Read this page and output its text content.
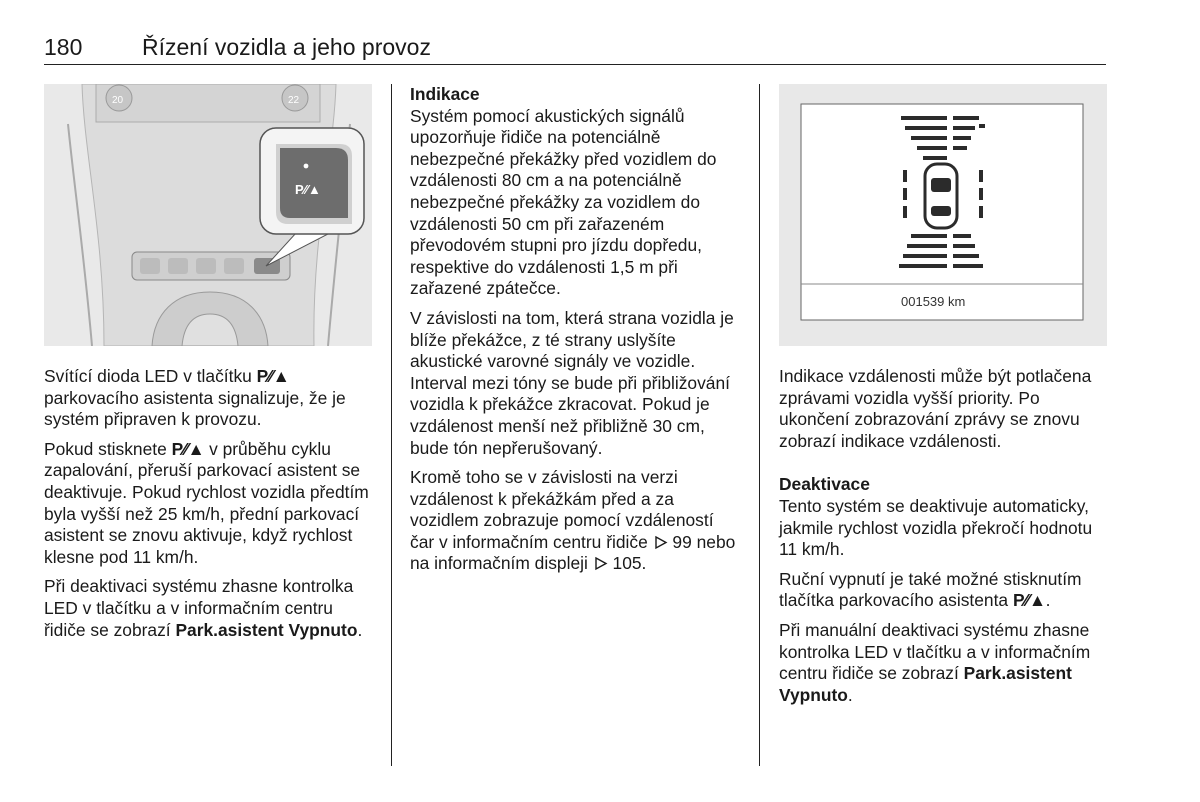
180	Řízení vozidla a jeho provoz
20	22
P⁄⁄▲
001539 km

Svítící dioda LED v tlačítku P⁄⁄▲ parkovacího asistenta signalizuje, že je systém připraven k provozu.

Pokud stisknete P⁄⁄▲ v průběhu cyklu zapalování, přeruší parkovací asistent se deaktivuje. Pokud rychlost vozidla předtím byla vyšší než 25 km/h, přední parkovací asistent se znovu aktivuje, když rychlost klesne pod 11 km/h.

Při deaktivaci systému zhasne kontrolka LED v tlačítku a v informačním centru řidiče se zobrazí Park.asistent Vypnuto.

Indikace

Systém pomocí akustických signálů upozorňuje řidiče na potenciálně nebezpečné překážky před vozidlem do vzdálenosti 80 cm a na potenciálně nebezpečné překážky za vozidlem do vzdálenosti 50 cm při zařazeném převodovém stupni pro jízdu dopředu, respektive do vzdálenosti 1,5 m při zařazené zpátečce.

V závislosti na tom, která strana vozidla je blíže překážce, z té strany uslyšíte akustické varovné signály ve vozidle. Interval mezi tóny se bude při přibližování vozidla k překážce zkracovat. Pokud je vzdálenost menší než přibližně 30 cm, bude tón nepřerušovaný.

Kromě toho se v závislosti na verzi vzdálenost k překážkám před a za vozidlem zobrazuje pomocí vzdáleností čar v informačním centru řidiče  99 nebo na informačním displeji  105.

Indikace vzdálenosti může být potlačena zprávami vozidla vyšší priority. Po ukončení zobrazování zprávy se znovu zobrazí indikace vzdálenosti.

Deaktivace

Tento systém se deaktivuje automaticky, jakmile rychlost vozidla překročí hodnotu 11 km/h.

Ruční vypnutí je také možné stisknutím tlačítka parkovacího asistenta P⁄⁄▲.

Při manuální deaktivaci systému zhasne kontrolka LED v tlačítku a v informačním centru řidiče se zobrazí Park.asistent Vypnuto.
